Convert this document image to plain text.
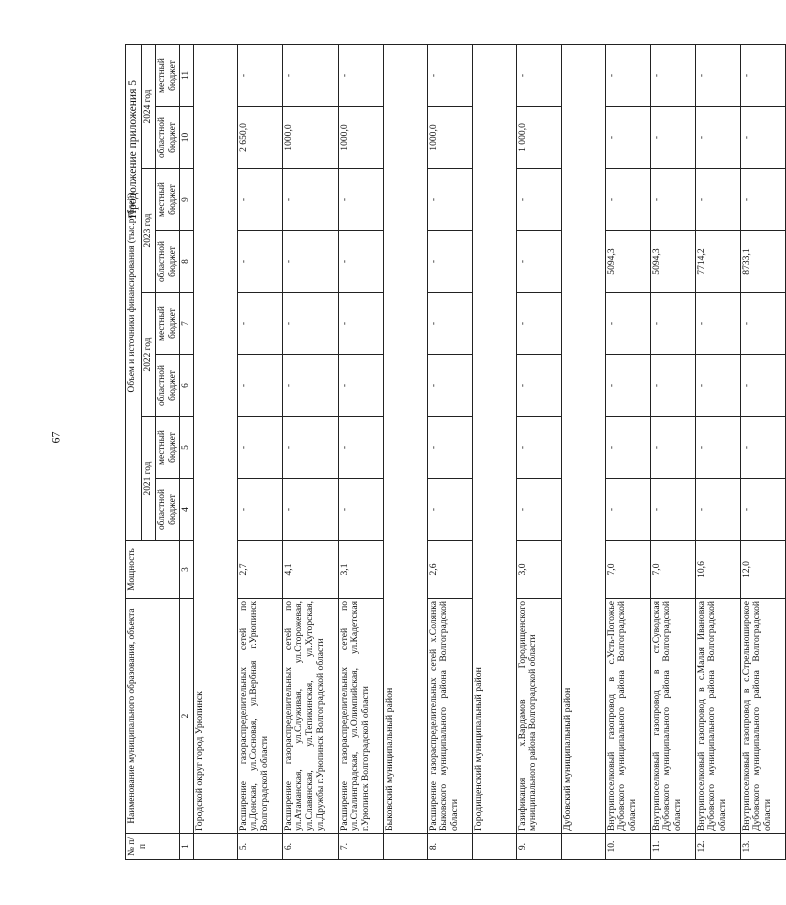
67
Продолжение приложения 5
№ п/п	Наименование муниципального образования, объекта	Мощность	Объем и источники финансирования (тыс.рублей)							
			2021 год		2022 год		2023 год		2024 год	
			областной бюджет	местный бюджет	областной бюджет	местный бюджет	областной бюджет	местный бюджет	областной бюджет	местный бюджет
1	2	3	4	5	6	7	8	9	10	11
	Городской округ город Урюпинск									
5.	Расширение газораспределительных сетей по ул.Донская, ул.Сосновая, ул.Вербная г.Урюпинск Волгоградской области	2,7	-	-	-	-	-	-	2 650,0	-
6.	Расширение газораспределительных сетей по ул.Атаманская, ул.Служивая, ул.Сторожевая, ул.Славянская, ул.Тепикинская, ул.Хуторская, ул.Дружбы г.Урюпинск Волгоградской области	4,1	-	-	-	-	-	-	1000,0	-
7.	Расширение газораспределительных сетей по ул.Сталинградская, ул.Олимпийская, ул.Кадетская г.Урюпинск Волгоградской области	3,1	-	-	-	-	-	-	1000,0	-
	Быковский муниципальный район									
8.	Расширение газораспределительных сетей х.Солянка Быковского муниципального района Волгоградской области	2,6	-	-	-	-	-	-	1000,0	-
	Городищенский муниципальный район									
9.	Газификация х.Вардамов Городищенского муниципального района Волгоградской области	3,0	-	-	-	-	-	-	1 000,0	-
	Дубовский муниципальный район									
10.	Внутрипоселковый газопровод в с.Усть-Погожье Дубовского муниципального района Волгоградской области	7,0	-	-	-	-	5094,3	-	-	-
11.	Внутрипоселковый газопровод в ст.Суводская Дубовского муниципального района Волгоградской области	7,0	-	-	-	-	5094,3	-	-	-
12.	Внутрипоселковый газопровод в с.Малая Ивановка Дубовского муниципального района Волгоградской области	10,6	-	-	-	-	7714,2	-	-	-
13.	Внутрипоселковый газопровод в с.Стрельноширокое Дубовского муниципального района Волгоградской области	12,0	-	-	-	-	8733,1	-	-	-
